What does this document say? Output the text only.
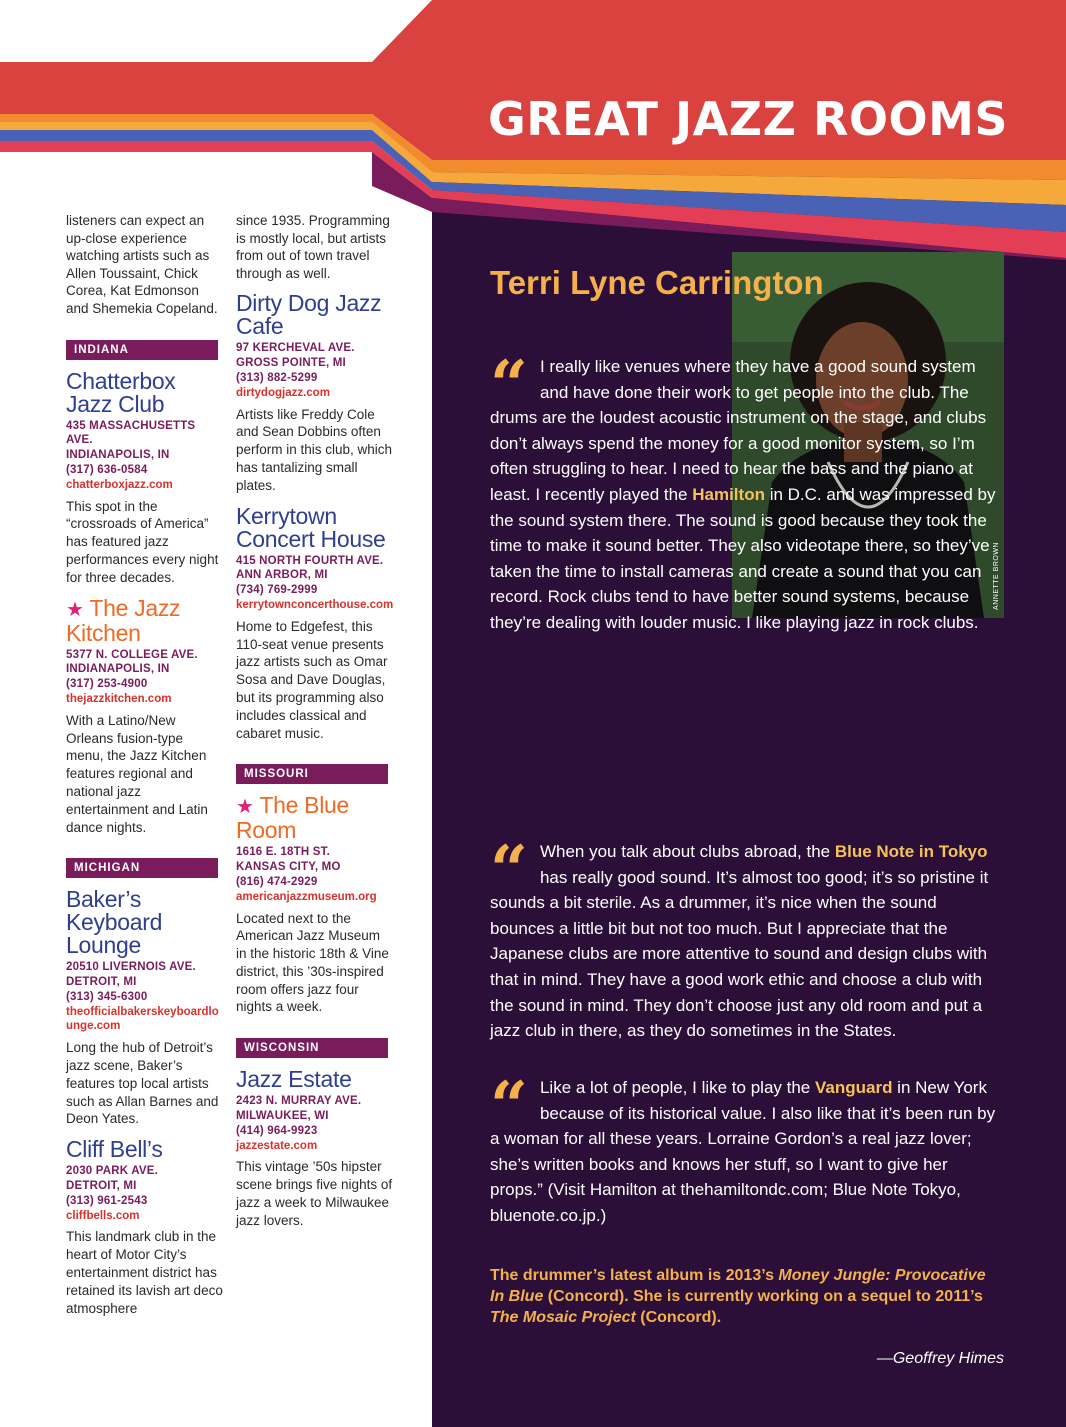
GREAT JAZZ ROOMS

listeners can expect an up-close experience watching artists such as Allen Toussaint, Chick Corea, Kat Edmonson and Shemekia Copeland.

INDIANA
Chatterbox Jazz Club

435 MASSACHUSETTS AVE.

INDIANAPOLIS, IN

(317) 636-0584

chatterboxjazz.com

This spot in the “crossroads of America” has featured jazz performances every night for three decades.

★ The Jazz Kitchen

5377 N. COLLEGE AVE.

INDIANAPOLIS, IN

(317) 253-4900

thejazzkitchen.com

With a Latino/New Orleans fusion-type menu, the Jazz Kitchen features regional and national jazz entertainment and Latin dance nights.

MICHIGAN
Baker’s Keyboard Lounge

20510 LIVERNOIS AVE.

DETROIT, MI

(313) 345-6300

theofficialbakerskeyboardlounge.com

Long the hub of Detroit’s jazz scene, Baker’s features top local artists such as Allan Barnes and Deon Yates.

Cliff Bell’s

2030 PARK AVE.

DETROIT, MI

(313) 961-2543

cliffbells.com

This landmark club in the heart of Motor City’s entertainment district has retained its lavish art deco atmosphere

since 1935. Programming is mostly local, but artists from out of town travel through as well.

Dirty Dog Jazz Cafe

97 KERCHEVAL AVE.

GROSS POINTE, MI

(313) 882-5299

dirtydogjazz.com

Artists like Freddy Cole and Sean Dobbins often perform in this club, which has tantalizing small plates.

Kerrytown Concert House

415 NORTH FOURTH AVE.

ANN ARBOR, MI

(734) 769-2999

kerrytownconcerthouse.com

Home to Edgefest, this 110-seat venue presents jazz artists such as Omar Sosa and Dave Douglas, but its programming also includes classical and cabaret music.

MISSOURI
★ The Blue Room

1616 E. 18TH ST.

KANSAS CITY, MO

(816) 474-2929

americanjazzmuseum.org

Located next to the American Jazz Museum in the historic 18th & Vine district, this ’30s-inspired room offers jazz four nights a week.

WISCONSIN
Jazz Estate

2423 N. MURRAY AVE.

MILWAUKEE, WI

(414) 964-9923

jazzestate.com

This vintage ’50s hipster scene brings five nights of jazz a week to Milwaukee jazz lovers.

ANNETTE BROWN
Terri Lyne Carrington

“ I really like venues where they have a good sound system and have done their work to get people into the club. The drums are the loudest acoustic instrument on the stage, and clubs don’t always spend the money for a good monitor system, so I’m often struggling to hear. I need to hear the bass and the piano at least. I recently played the Hamilton in D.C. and was impressed by the sound system there. The sound is good because they took the time to make it sound better. They also videotape there, so they’ve taken the time to install cameras and create a sound that you can record. Rock clubs tend to have better sound systems, because they’re dealing with louder music. I like playing jazz in rock clubs.

“ When you talk about clubs abroad, the Blue Note in Tokyo has really good sound. It’s almost too good; it’s so pristine it sounds a bit sterile. As a drummer, it’s nice when the sound bounces a little bit but not too much. But I appreciate that the Japanese clubs are more attentive to sound and design clubs with that in mind. They have a good work ethic and choose a club with the sound in mind. They don’t choose just any old room and put a jazz club in there, as they do sometimes in the States.

“ Like a lot of people, I like to play the Vanguard in New York because of its historical value. I also like that it’s been run by a woman for all these years. Lorraine Gordon’s a real jazz lover; she’s written books and knows her stuff, so I want to give her props.” (Visit Hamilton at thehamiltondc.com; Blue Note Tokyo, bluenote.co.jp.)

The drummer’s latest album is 2013’s Money Jungle: Provocative In Blue (Concord). She is currently working on a sequel to 2011’s The Mosaic Project (Concord).

—Geoffrey Himes
